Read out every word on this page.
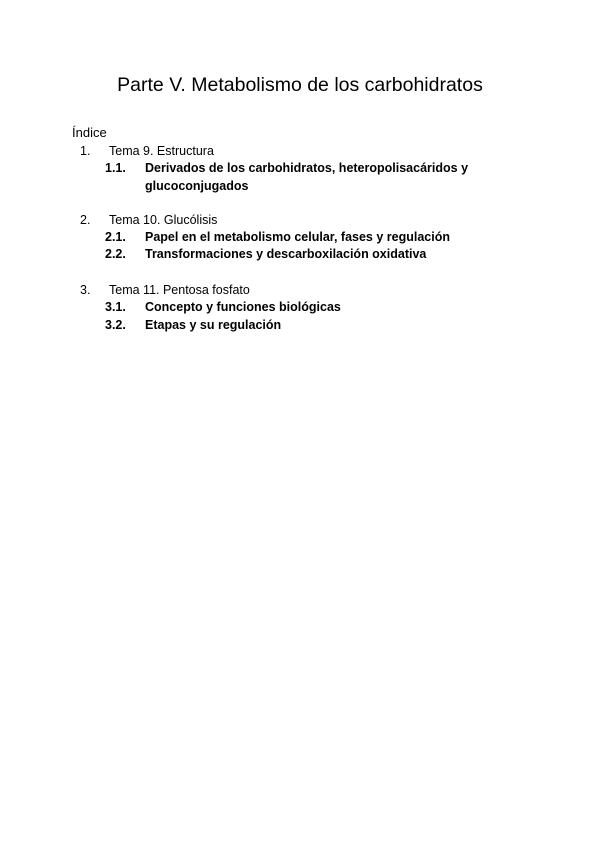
Parte V. Metabolismo de los carbohidratos
Índice
1. Tema 9. Estructura
1.1. Derivados de los carbohidratos, heteropolisacáridos y
glucoconjugados
2. Tema 10. Glucólisis
2.1. Papel en el metabolismo celular, fases y regulación
2.2. Transformaciones y descarboxilación oxidativa
3. Tema 11. Pentosa fosfato
3.1. Concepto y funciones biológicas
3.2. Etapas y su regulación
